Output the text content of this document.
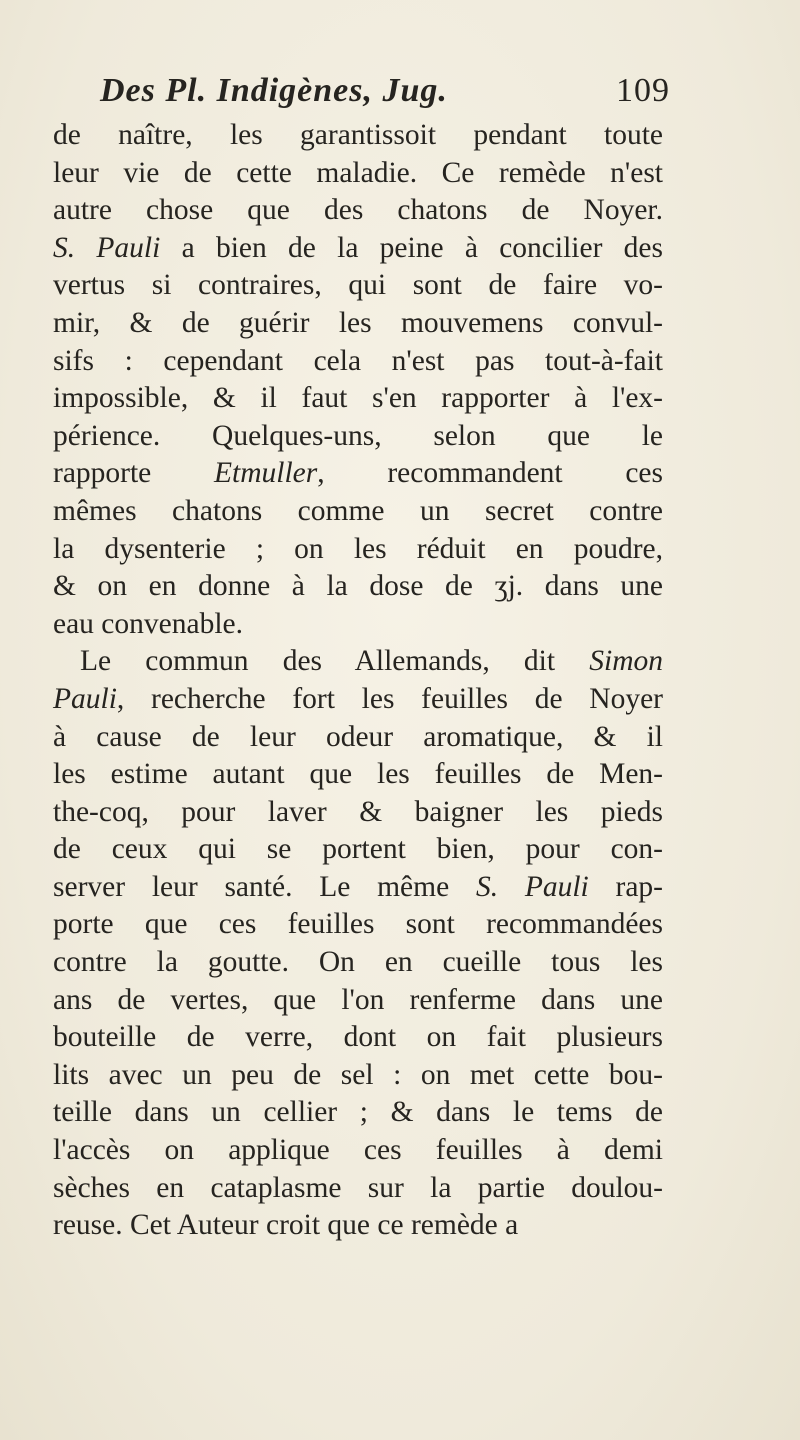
Des Pl. Indigènes, Jug.	109
de naître, les garantissoit pendant toute
leur vie de cette maladie. Ce remède n'est
autre chose que des chatons de Noyer.
S. Pauli a bien de la peine à concilier des
vertus si contraires, qui sont de faire vo-
mir, & de guérir les mouvemens convul-
sifs : cependant cela n'est pas tout-à-fait
impossible, & il faut s'en rapporter à l'ex-
périence. Quelques-uns, selon que le
rapporte Etmuller, recommandent ces
mêmes chatons comme un secret contre
la dysenterie ; on les réduit en poudre,
& on en donne à la dose de ʒj. dans une
eau convenable.
Le commun des Allemands, dit Simon
Pauli, recherche fort les feuilles de Noyer
à cause de leur odeur aromatique, & il
les estime autant que les feuilles de Men-
the-coq, pour laver & baigner les pieds
de ceux qui se portent bien, pour con-
server leur santé. Le même S. Pauli rap-
porte que ces feuilles sont recommandées
contre la goutte. On en cueille tous les
ans de vertes, que l'on renferme dans une
bouteille de verre, dont on fait plusieurs
lits avec un peu de sel : on met cette bou-
teille dans un cellier ; & dans le tems de
l'accès on applique ces feuilles à demi
sèches en cataplasme sur la partie doulou-
reuse. Cet Auteur croit que ce remède a
